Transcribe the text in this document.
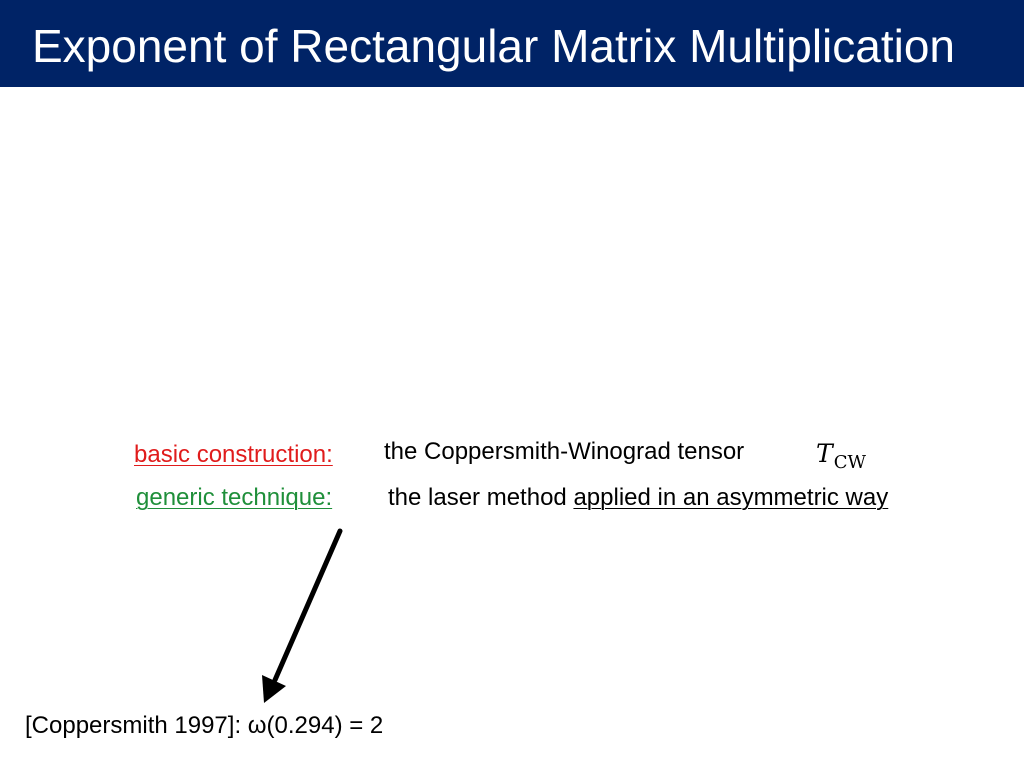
Exponent of Rectangular Matrix Multiplication
basic construction: the Coppersmith-Winograd tensor	TCW
generic technique: the laser method applied in an asymmetric way
[Coppersmith 1997]: ω(0.294) = 2
